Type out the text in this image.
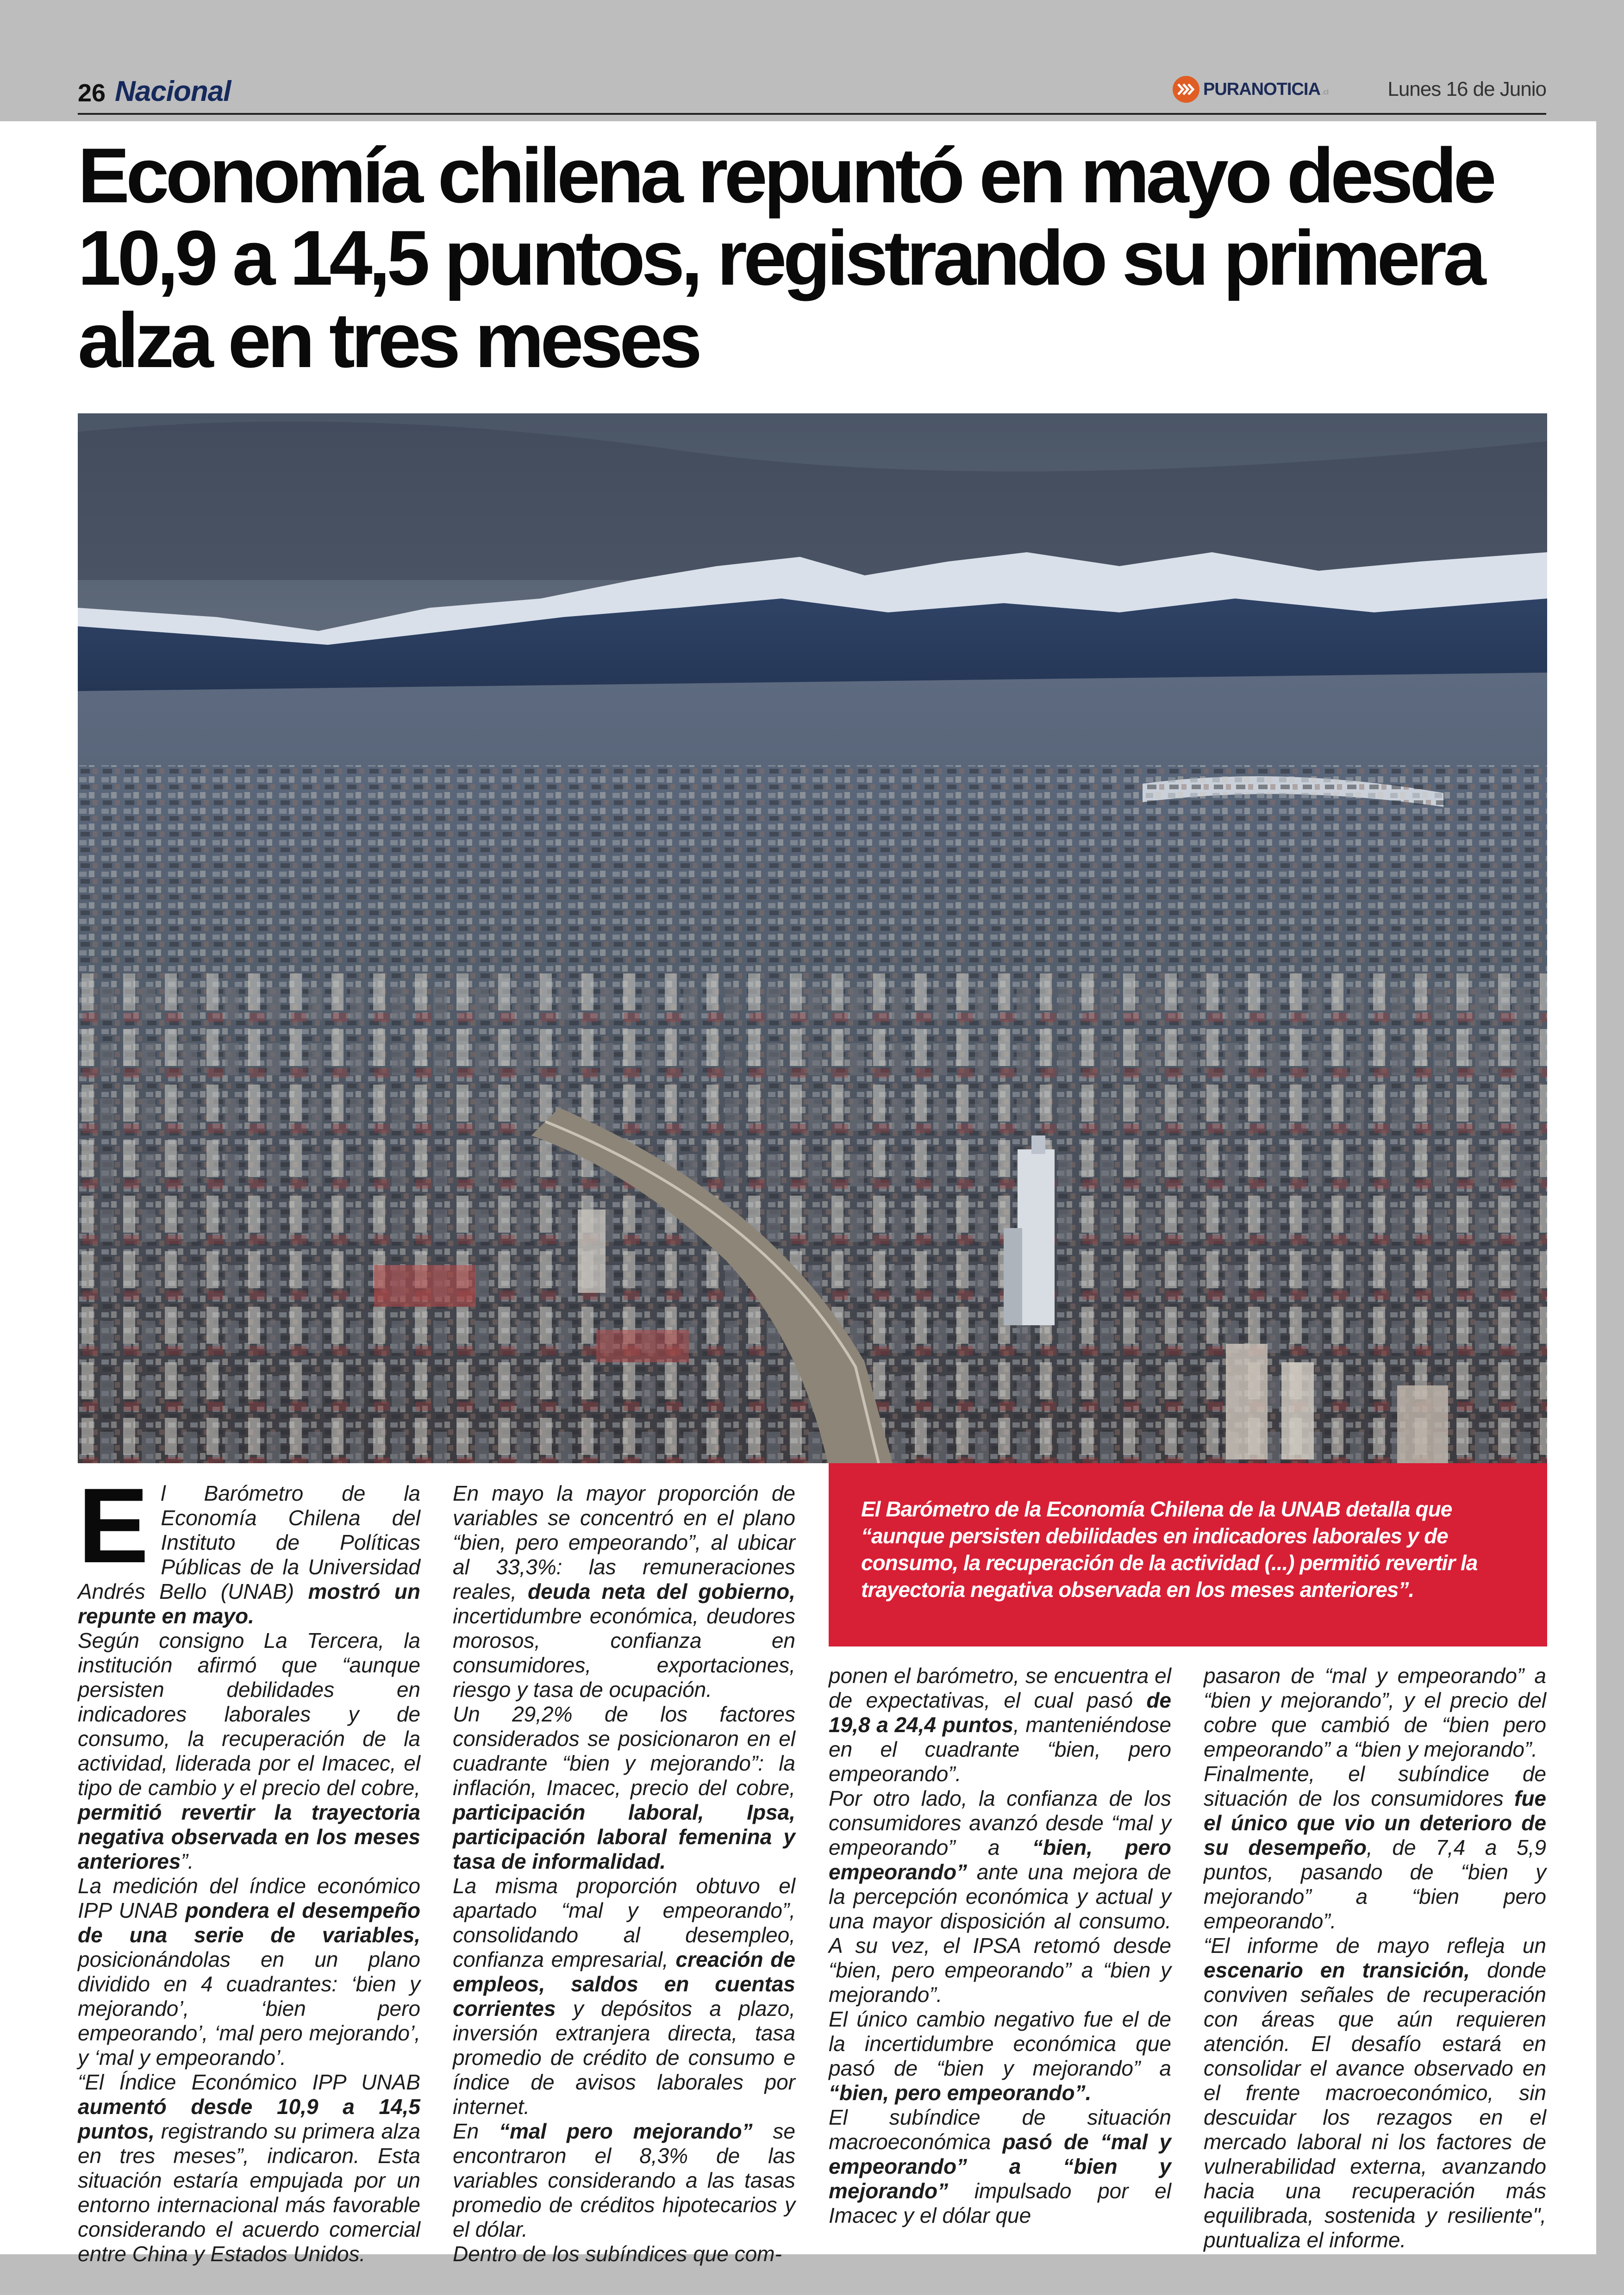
26 Nacional	PURANOTICIA .cl	Lunes 16 de Junio
Economía chilena repuntó en mayo desde 10,9 a 14,5 puntos, registrando su primera alza en tres meses
E l Barómetro de la Economía Chilena del Instituto de Políticas Públicas de la Universidad Andrés Bello (UNAB) mostró un repunte en mayo.

Según consigno La Tercera, la institución afirmó que “aunque persisten debilidades en indicadores laborales y de consumo, la recuperación de la actividad, liderada por el Imacec, el tipo de cambio y el precio del cobre, permitió revertir la trayectoria negativa observada en los meses anteriores”.

La medición del índice económico IPP UNAB pondera el desempeño de una serie de variables, posicionándolas en un plano dividido en 4 cuadrantes: ‘bien y mejorando’, ‘bien pero empeorando’, ‘mal pero mejorando’, y ‘mal y empeorando’.

“El Índice Económico IPP UNAB aumentó desde 10,9 a 14,5 puntos, registrando su primera alza en tres meses”, indicaron. Esta situación estaría empujada por un entorno internacional más favorable considerando el acuerdo comercial entre China y Estados Unidos.

En mayo la mayor proporción de variables se concentró en el plano “bien, pero empeorando”, al ubicar al 33,3%: las remuneraciones reales, deuda neta del gobierno, incertidumbre económica, deudores morosos, confianza en consumidores, exportaciones, riesgo y tasa de ocupación.

Un 29,2% de los factores considerados se posicionaron en el cuadrante “bien y mejorando”: la inflación, Imacec, precio del cobre, participación laboral, Ipsa, participación laboral femenina y tasa de informalidad.

La misma proporción obtuvo el apartado “mal y empeorando”, consolidando al desempleo, confianza empresarial, creación de empleos, saldos en cuentas corrientes y depósitos a plazo, inversión extranjera directa, tasa promedio de crédito de consumo e índice de avisos laborales por internet.

En “mal pero mejorando” se encontraron el 8,3% de las variables considerando a las tasas promedio de créditos hipotecarios y el dólar.

Dentro de los subíndices que com-

El Barómetro de la Economía Chilena de la UNAB detalla que “aunque persisten debilidades en indicadores laborales y de consumo, la recuperación de la actividad (...) permitió revertir la trayectoria negativa observada en los meses anteriores”.

ponen el barómetro, se encuentra el de expectativas, el cual pasó de 19,8 a 24,4 puntos, manteniéndose en el cuadrante “bien, pero empeorando”.

Por otro lado, la confianza de los consumidores avanzó desde “mal y empeorando” a “bien, pero empeorando” ante una mejora de la percepción económica y actual y una mayor disposición al consumo. A su vez, el IPSA retomó desde “bien, pero empeorando” a “bien y mejorando”.

El único cambio negativo fue el de la incertidumbre económica que pasó de “bien y mejorando” a “bien, pero empeorando”.

El subíndice de situación macroeconómica pasó de “mal y empeorando” a “bien y mejorando” impulsado por el Imacec y el dólar que

pasaron de “mal y empeorando” a “bien y mejorando”, y el precio del cobre que cambió de “bien pero empeorando” a “bien y mejorando”.

Finalmente, el subíndice de situación de los consumidores fue el único que vio un deterioro de su desempeño, de 7,4 a 5,9 puntos, pasando de “bien y mejorando” a “bien pero empeorando”.

“El informe de mayo refleja un escenario en transición, donde conviven señales de recuperación con áreas que aún requieren atención. El desafío estará en consolidar el avance observado en el frente macroeconómico, sin descuidar los rezagos en el mercado laboral ni los factores de vulnerabilidad externa, avanzando hacia una recuperación más equilibrada, sostenida y resiliente", puntualiza el informe.
